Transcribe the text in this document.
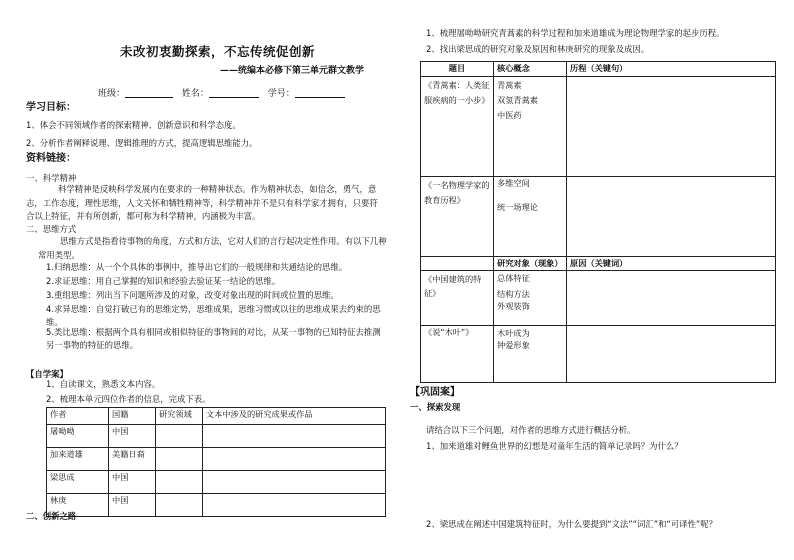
未改初衷勤探索，不忘传统促创新
——统编本必修下第三单元群文教学
班级：	姓名：	学号：
学习目标：
1、体会不同领域作者的探索精神、创新意识和科学态度。
2、分析作者阐释说理、逻辑推理的方式，提高逻辑思维能力。
资料链接：
一、科学精神
科学精神是反映科学发展内在要求的一种精神状态。作为精神状态，如信念，勇气，意志，工作态度，理性思维，人文关怀和牺牲精神等，科学精神并不是只有科学家才拥有，只要符合以上特征，并有所创新，都可称为科学精神，内涵极为丰富。
二、思维方式
思维方式是指看待事物的角度，方式和方法，它对人们的言行起决定性作用。有以下几种常用类型。
1.归纳思维：从一个个具体的事例中，推导出它们的一般规律和共通结论的思维。
2.求证思维：用自己掌握的知识和经验去验证某一结论的思维。
3.重组思维：列出当下问题所涉及的对象，改变对象出现的时间或位置的思维。
4.求异思维：自觉打破已有的思维定势，思维成果，思维习惯或以往的思维成果去约束的思维。
5.类比思维：根据两个具有相同或相似特征的事物间的对比，从某一事物的已知特征去推测另一事物的特征的思维。
【自学案】
1、自读课文，熟悉文本内容。
2、梳理本单元四位作者的信息，完成下表。
作者	国籍	研究领域	文本中涉及的研究成果或作品
屠呦呦	中国		
加来道雄	美籍日裔		
梁思成	中国		
林庚	中国		
二、创新之路
1、梳理屠呦呦研究青蒿素的科学过程和加来道雄成为理论物理学家的起步历程。
2、找出梁思成的研究对象及原因和林庚研究的现象及成因。
题目	核心概念	历程（关键句）
《青蒿素：人类征服疾病的一小步》	青蒿素
双氢青蒿素
中医药	

《一名物理学家的教育历程》	多维空间
统一场理论	

	研究对象（现象）	原因（关键词）
《中国建筑的特征》	总体特征
结构方法
外观装饰	

《说“木叶”》	木叶成为
钟爱形象	

【巩固案】
一、探索发现
请结合以下三个问题，对作者的思维方式进行概括分析。
1、加来道雄对鲤鱼世界的幻想是对童年生活的简单记录吗？为什么？
2、梁思成在阐述中国建筑特征时，为什么要提到“文法”“词汇”和“可译性”呢？
